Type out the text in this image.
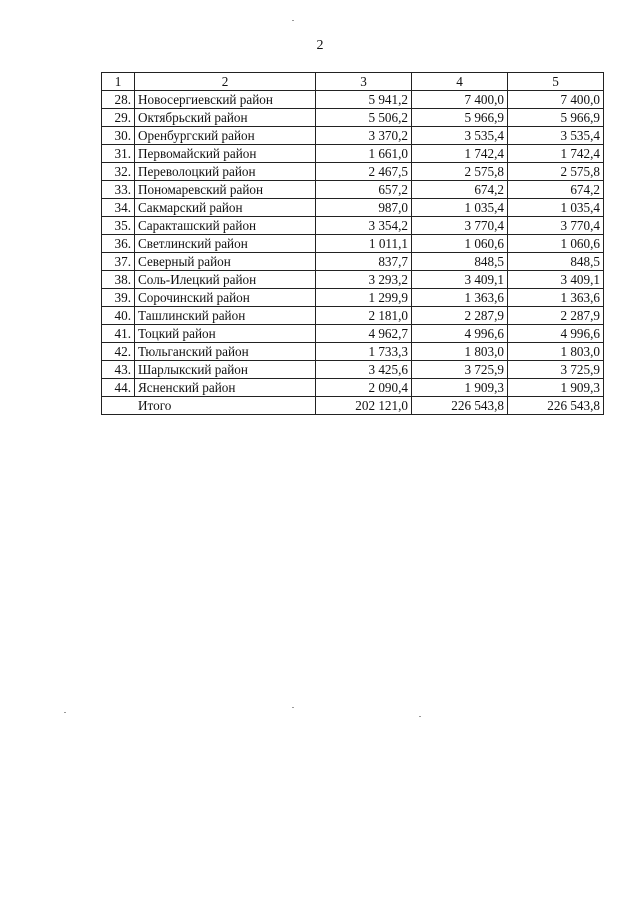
2
1	2	3	4	5
28.	Новосергиевский район	5 941,2	7 400,0	7 400,0
29.	Октябрьский район	5 506,2	5 966,9	5 966,9
30.	Оренбургский район	3 370,2	3 535,4	3 535,4
31.	Первомайский район	1 661,0	1 742,4	1 742,4
32.	Переволоцкий район	2 467,5	2 575,8	2 575,8
33.	Пономаревский район	657,2	674,2	674,2
34.	Сакмарский район	987,0	1 035,4	1 035,4
35.	Саракташский район	3 354,2	3 770,4	3 770,4
36.	Светлинский район	1 011,1	1 060,6	1 060,6
37.	Северный район	837,7	848,5	848,5
38.	Соль-Илецкий район	3 293,2	3 409,1	3 409,1
39.	Сорочинский район	1 299,9	1 363,6	1 363,6
40.	Ташлинский район	2 181,0	2 287,9	2 287,9
41.	Тоцкий район	4 962,7	4 996,6	4 996,6
42.	Тюльганский район	1 733,3	1 803,0	1 803,0
43.	Шарлыкский район	3 425,6	3 725,9	3 725,9
44.	Ясненский район	2 090,4	1 909,3	1 909,3
Итого		202 121,0	226 543,8	226 543,8
